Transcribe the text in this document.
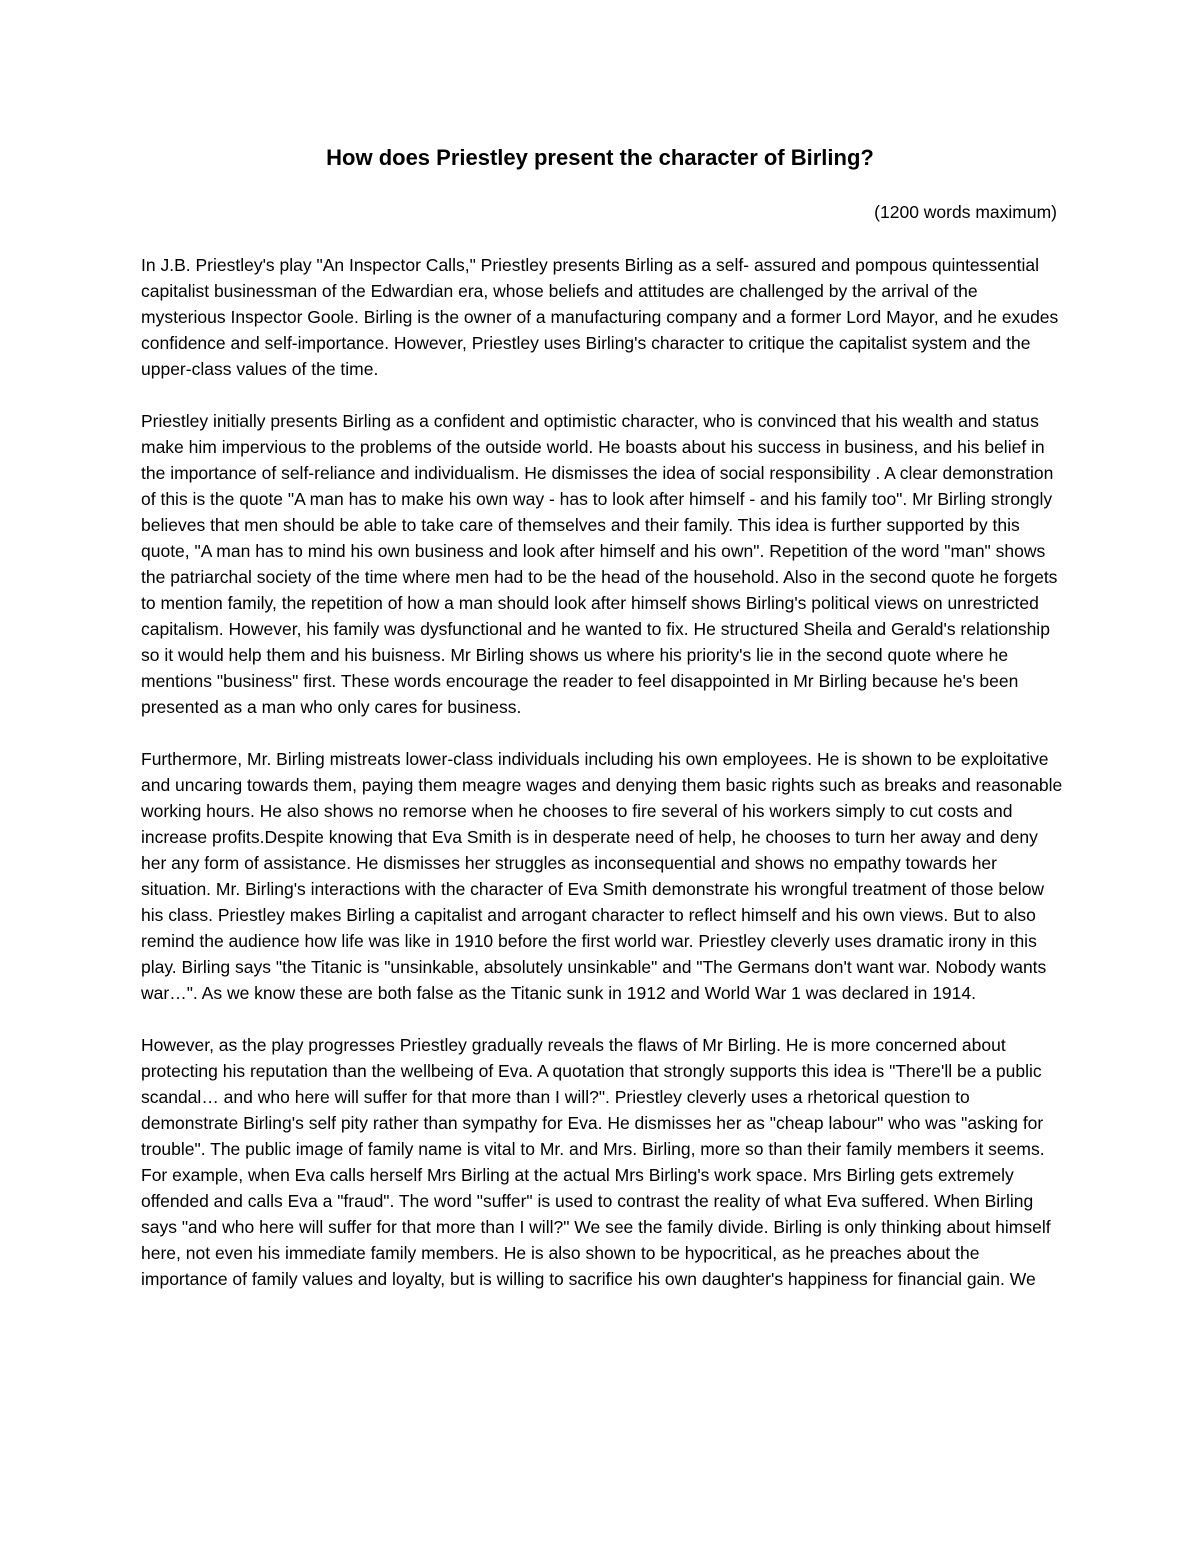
How does Priestley present the character of Birling?
(1200 words maximum)

In J.B. Priestley's play "An Inspector Calls," Priestley presents Birling as a self- assured and pompous quintessential capitalist businessman of the Edwardian era, whose beliefs and attitudes are challenged by the arrival of the mysterious Inspector Goole. Birling is the owner of a manufacturing company and a former Lord Mayor, and he exudes confidence and self-importance. However, Priestley uses Birling's character to critique the capitalist system and the upper-class values of the time.

Priestley initially presents Birling as a confident and optimistic character, who is convinced that his wealth and status make him impervious to the problems of the outside world. He boasts about his success in business, and his belief in the importance of self-reliance and individualism. He dismisses the idea of social responsibility . A clear demonstration of this is the quote "A man has to make his own way - has to look after himself - and his family too". Mr Birling strongly believes that men should be able to take care of themselves and their family. This idea is further supported by this quote, "A man has to mind his own business and look after himself and his own". Repetition of the word "man" shows the patriarchal society of the time where men had to be the head of the household. Also in the second quote he forgets to mention family, the repetition of how a man should look after himself shows Birling's political views on unrestricted capitalism. However, his family was dysfunctional and he wanted to fix. He structured Sheila and Gerald's relationship so it would help them and his buisness. Mr Birling shows us where his priority's lie in the second quote where he mentions "business" first. These words encourage the reader to feel disappointed in Mr Birling because he's been presented as a man who only cares for business.

Furthermore, Mr. Birling mistreats lower-class individuals including his own employees. He is shown to be exploitative and uncaring towards them, paying them meagre wages and denying them basic rights such as breaks and reasonable working hours. He also shows no remorse when he chooses to fire several of his workers simply to cut costs and increase profits.Despite knowing that Eva Smith is in desperate need of help, he chooses to turn her away and deny her any form of assistance. He dismisses her struggles as inconsequential and shows no empathy towards her situation. Mr. Birling's interactions with the character of Eva Smith demonstrate his wrongful treatment of those below his class. Priestley makes Birling a capitalist and arrogant character to reflect himself and his own views. But to also remind the audience how life was like in 1910 before the first world war. Priestley cleverly uses dramatic irony in this play. Birling says "the Titanic is "unsinkable, absolutely unsinkable" and "The Germans don't want war. Nobody wants war…". As we know these are both false as the Titanic sunk in 1912 and World War 1 was declared in 1914.

However, as the play progresses Priestley gradually reveals the flaws of Mr Birling. He is more concerned about protecting his reputation than the wellbeing of Eva. A quotation that strongly supports this idea is "There'll be a public scandal… and who here will suffer for that more than I will?". Priestley cleverly uses a rhetorical question to demonstrate Birling's self pity rather than sympathy for Eva. He dismisses her as "cheap labour" who was "asking for trouble". The public image of family name is vital to Mr. and Mrs. Birling, more so than their family members it seems. For example, when Eva calls herself Mrs Birling at the actual Mrs Birling's work space. Mrs Birling gets extremely offended and calls Eva a "fraud". The word "suffer" is used to contrast the reality of what Eva suffered. When Birling says "and who here will suffer for that more than I will?" We see the family divide. Birling is only thinking about himself here, not even his immediate family members. He is also shown to be hypocritical, as he preaches about the importance of family values and loyalty, but is willing to sacrifice his own daughter's happiness for financial gain. We
